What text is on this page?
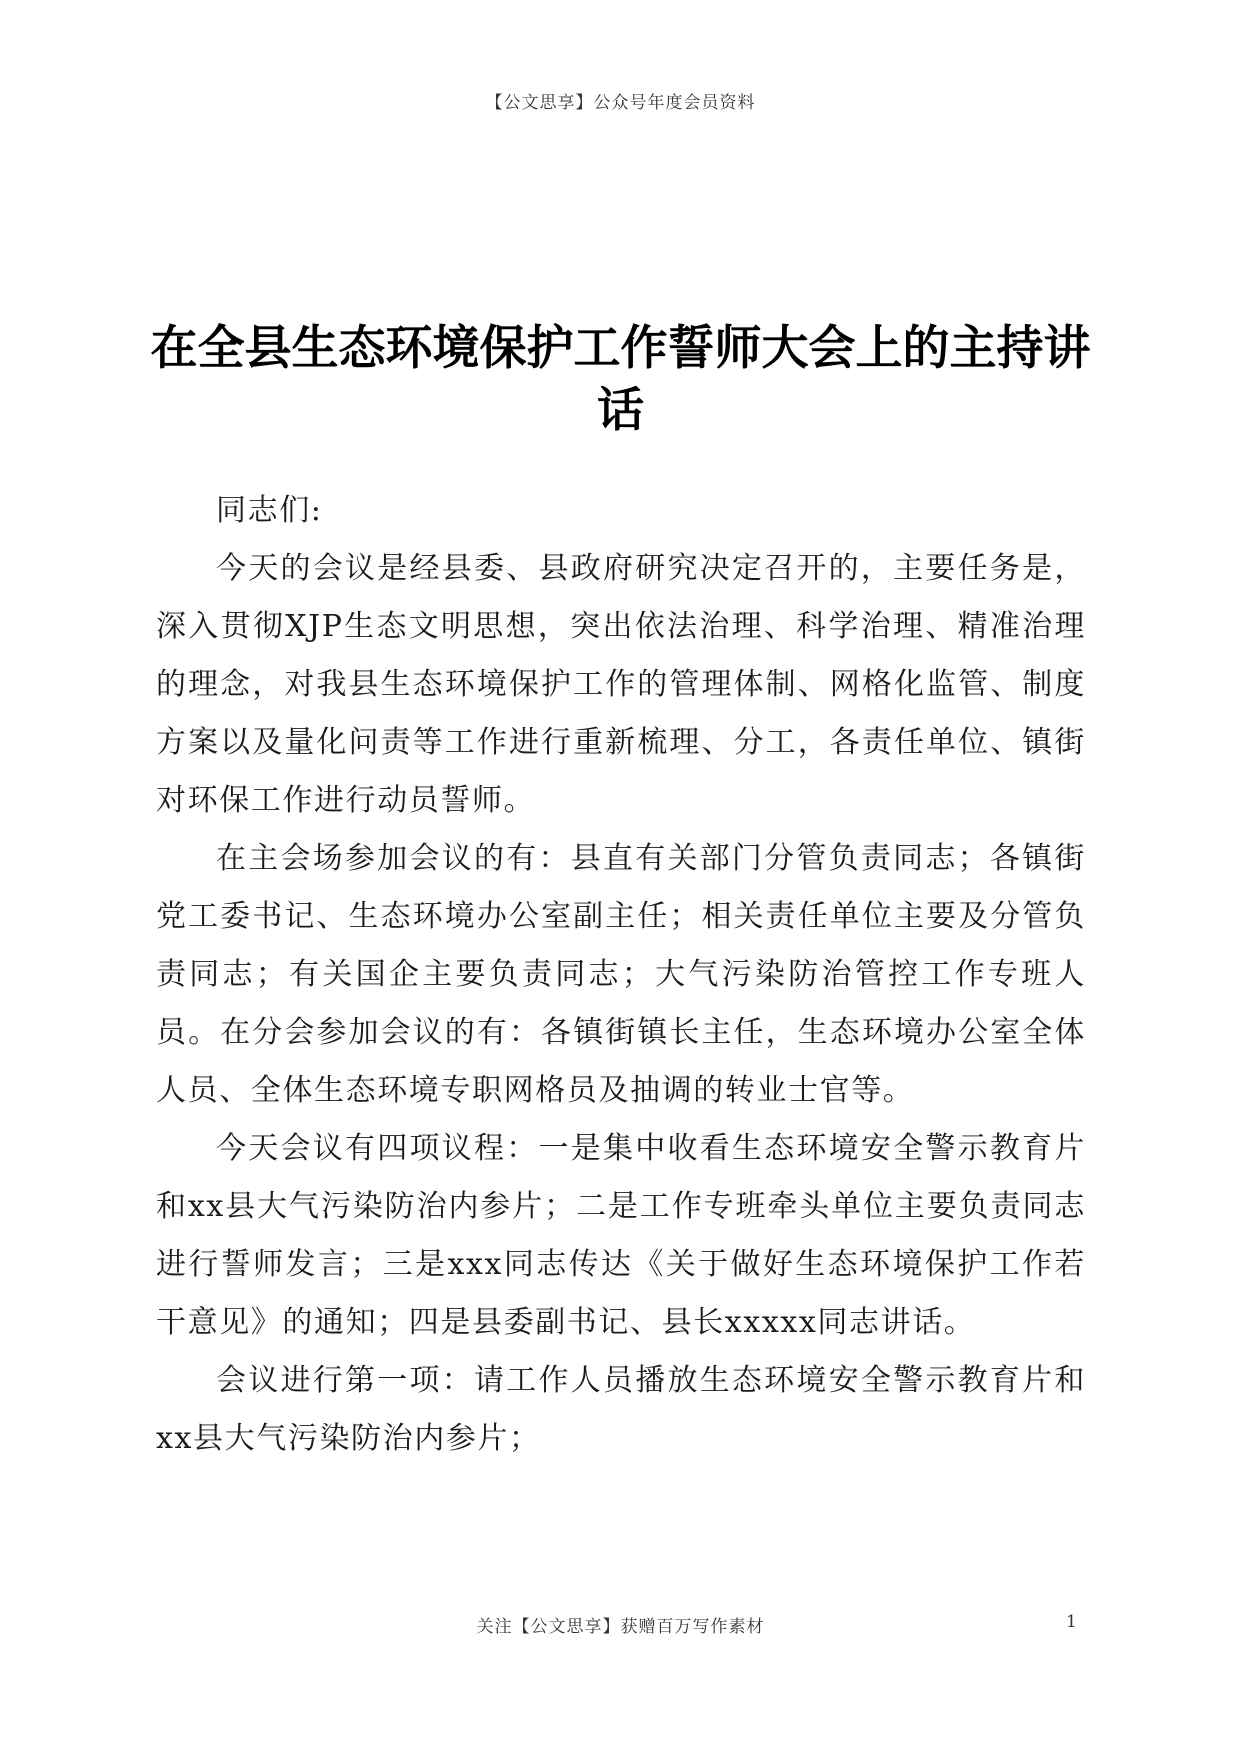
【公文思享】公众号年度会员资料
在全县生态环境保护工作誓师大会上的主持讲话

同志们:

今天的会议是经县委、县政府研究决定召开的，主要任务是，深入贯彻XJP生态文明思想，突出依法治理、科学治理、精准治理的理念，对我县生态环境保护工作的管理体制、网格化监管、制度方案以及量化问责等工作进行重新梳理、分工，各责任单位、镇街对环保工作进行动员誓师。

在主会场参加会议的有：县直有关部门分管负责同志；各镇街党工委书记、生态环境办公室副主任；相关责任单位主要及分管负责同志；有关国企主要负责同志；大气污染防治管控工作专班人员。在分会参加会议的有：各镇街镇长主任，生态环境办公室全体人员、全体生态环境专职网格员及抽调的转业士官等。

今天会议有四项议程：一是集中收看生态环境安全警示教育片和xx县大气污染防治内参片；二是工作专班牵头单位主要负责同志进行誓师发言；三是xxx同志传达《关于做好生态环境保护工作若干意见》的通知；四是县委副书记、县长xxxxx同志讲话。

会议进行第一项：请工作人员播放生态环境安全警示教育片和xx县大气污染防治内参片；

关注【公文思享】获赠百万写作素材	1
